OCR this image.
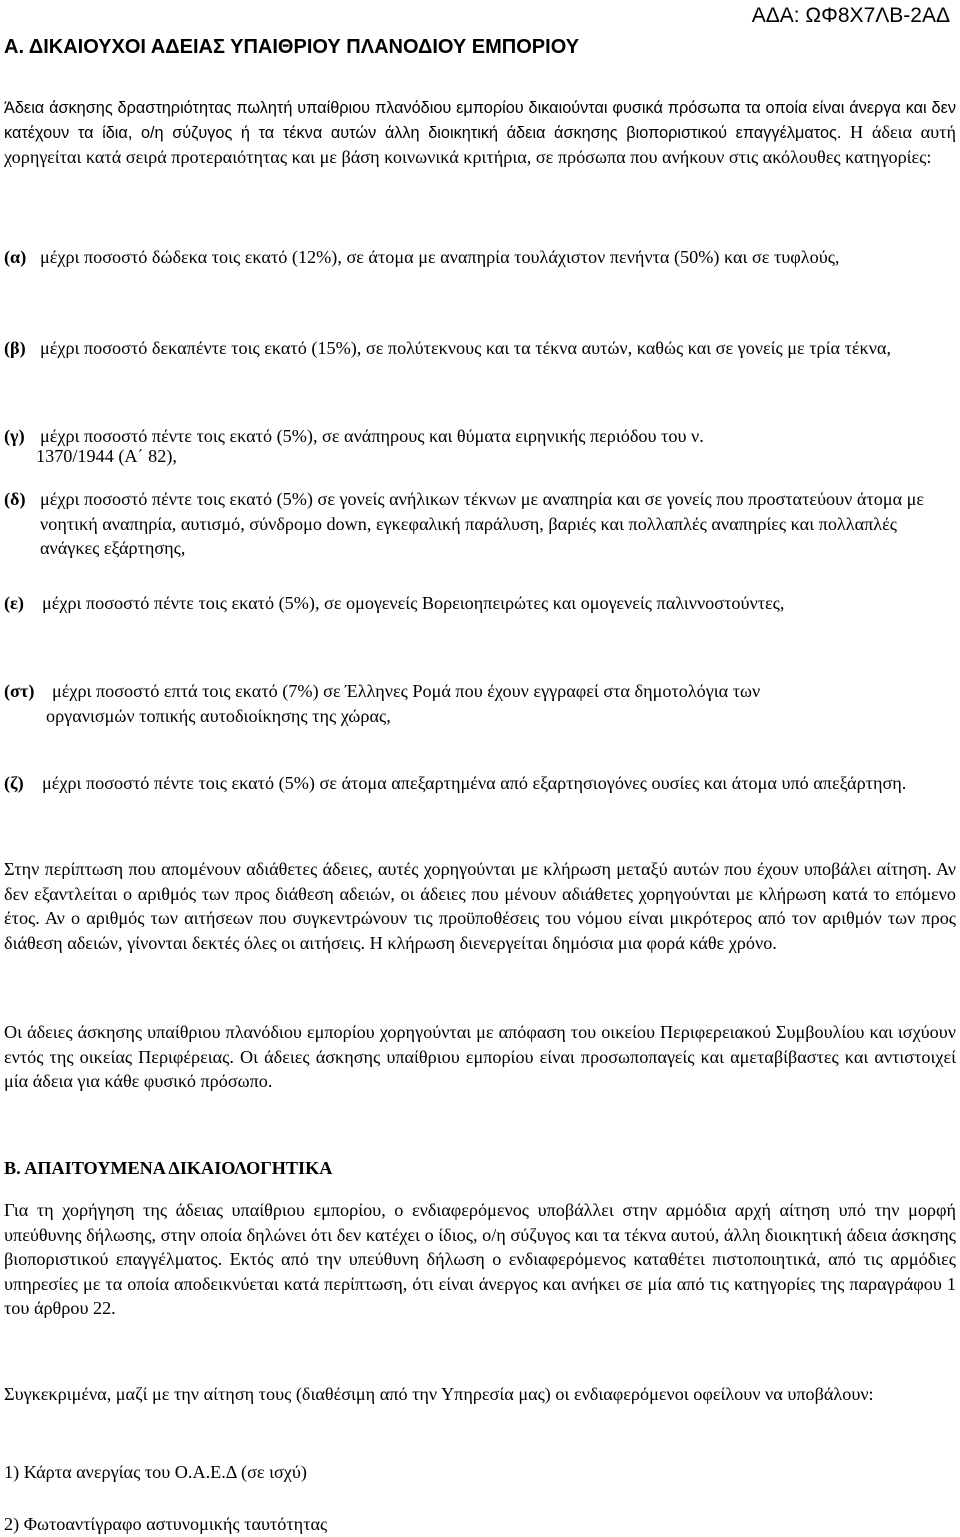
ΑΔΑ: ΩΦ8Χ7ΛΒ-2ΑΔ
Α. ΔΙΚΑΙΟΥΧΟΙ ΑΔΕΙΑΣ ΥΠΑΙΘΡΙΟΥ ΠΛΑΝΟΔΙΟΥ ΕΜΠΟΡΙΟΥ
Άδεια άσκησης δραστηριότητας πωλητή υπαίθριου πλανόδιου εμπορίου δικαιούνται φυσικά πρόσωπα τα οποία είναι άνεργα και δεν κατέχουν τα ίδια, ο/η σύζυγος ή τα τέκνα αυτών άλλη διοικητική άδεια άσκησης βιοποριστικού επαγγέλματος. Η άδεια αυτή χορηγείται κατά σειρά προτεραιότητας και με βάση κοινωνικά κριτήρια, σε πρόσωπα που ανήκουν στις ακόλουθες κατηγορίες:
(α) μέχρι ποσοστό δώδεκα τοις εκατό (12%), σε άτομα με αναπηρία τουλάχιστον πενήντα (50%) και σε τυφλούς,
(β) μέχρι ποσοστό δεκαπέντε τοις εκατό (15%), σε πολύτεκνους και τα τέκνα αυτών, καθώς και σε γονείς με τρία τέκνα,
(γ) μέχρι ποσοστό πέντε τοις εκατό (5%), σε ανάπηρους και θύματα ειρηνικής περιόδου του ν.
1370/1944 (Α΄ 82),
(δ) μέχρι ποσοστό πέντε τοις εκατό (5%) σε γονείς ανήλικων τέκνων με αναπηρία και σε γονείς που προστατεύουν άτομα με νοητική αναπηρία, αυτισμό, σύνδρομο down, εγκεφαλική παράλυση, βαριές και πολλαπλές αναπηρίες και πολλαπλές ανάγκες εξάρτησης,
(ε) μέχρι ποσοστό πέντε τοις εκατό (5%), σε ομογενείς Βορειοηπειρώτες και ομογενείς παλιννοστούντες,
(στ) μέχρι ποσοστό επτά τοις εκατό (7%) σε Έλληνες Ρομά που έχουν εγγραφεί στα δημοτολόγια των
οργανισμών τοπικής αυτοδιοίκησης της χώρας,
(ζ) μέχρι ποσοστό πέντε τοις εκατό (5%) σε άτομα απεξαρτημένα από εξαρτησιογόνες ουσίες και άτομα υπό απεξάρτηση.
Στην περίπτωση που απομένουν αδιάθετες άδειες, αυτές χορηγούνται με κλήρωση μεταξύ αυτών που έχουν υποβάλει αίτηση. Αν δεν εξαντλείται ο αριθμός των προς διάθεση αδειών, οι άδειες που μένουν αδιάθετες χορηγούνται με κλήρωση κατά το επόμενο έτος. Αν ο αριθμός των αιτήσεων που συγκεντρώνουν τις προϋποθέσεις του νόμου είναι μικρότερος από τον αριθμόν των προς διάθεση αδειών, γίνονται δεκτές όλες οι αιτήσεις. Η κλήρωση διενεργείται δημόσια μια φορά κάθε χρόνο.
Οι άδειες άσκησης υπαίθριου πλανόδιου εμπορίου χορηγούνται με απόφαση του οικείου Περιφερειακού Συμβουλίου και ισχύουν εντός της οικείας Περιφέρειας. Οι άδειες άσκησης υπαίθριου εμπορίου είναι προσωποπαγείς και αμεταβίβαστες και αντιστοιχεί μία άδεια για κάθε φυσικό πρόσωπο.
Β. ΑΠΑΙΤΟΥΜΕΝΑ ΔΙΚΑΙΟΛΟΓΗΤΙΚΑ
Για τη χορήγηση της άδειας υπαίθριου εμπορίου, ο ενδιαφερόμενος υποβάλλει στην αρμόδια αρχή αίτηση υπό την μορφή υπεύθυνης δήλωσης, στην οποία δηλώνει ότι δεν κατέχει ο ίδιος, ο/η σύζυγος και τα τέκνα αυτού, άλλη διοικητική άδεια άσκησης βιοποριστικού επαγγέλματος. Εκτός από την υπεύθυνη δήλωση ο ενδιαφερόμενος καταθέτει πιστοποιητικά, από τις αρμόδιες υπηρεσίες με τα οποία αποδεικνύεται κατά περίπτωση, ότι είναι άνεργος και ανήκει σε μία από τις κατηγορίες της παραγράφου 1 του άρθρου 22.
Συγκεκριμένα, μαζί με την αίτηση τους (διαθέσιμη από την Υπηρεσία μας) οι ενδιαφερόμενοι οφείλουν να υποβάλουν:
1) Κάρτα ανεργίας του Ο.Α.Ε.Δ (σε ισχύ)
2) Φωτοαντίγραφο αστυνομικής ταυτότητας
